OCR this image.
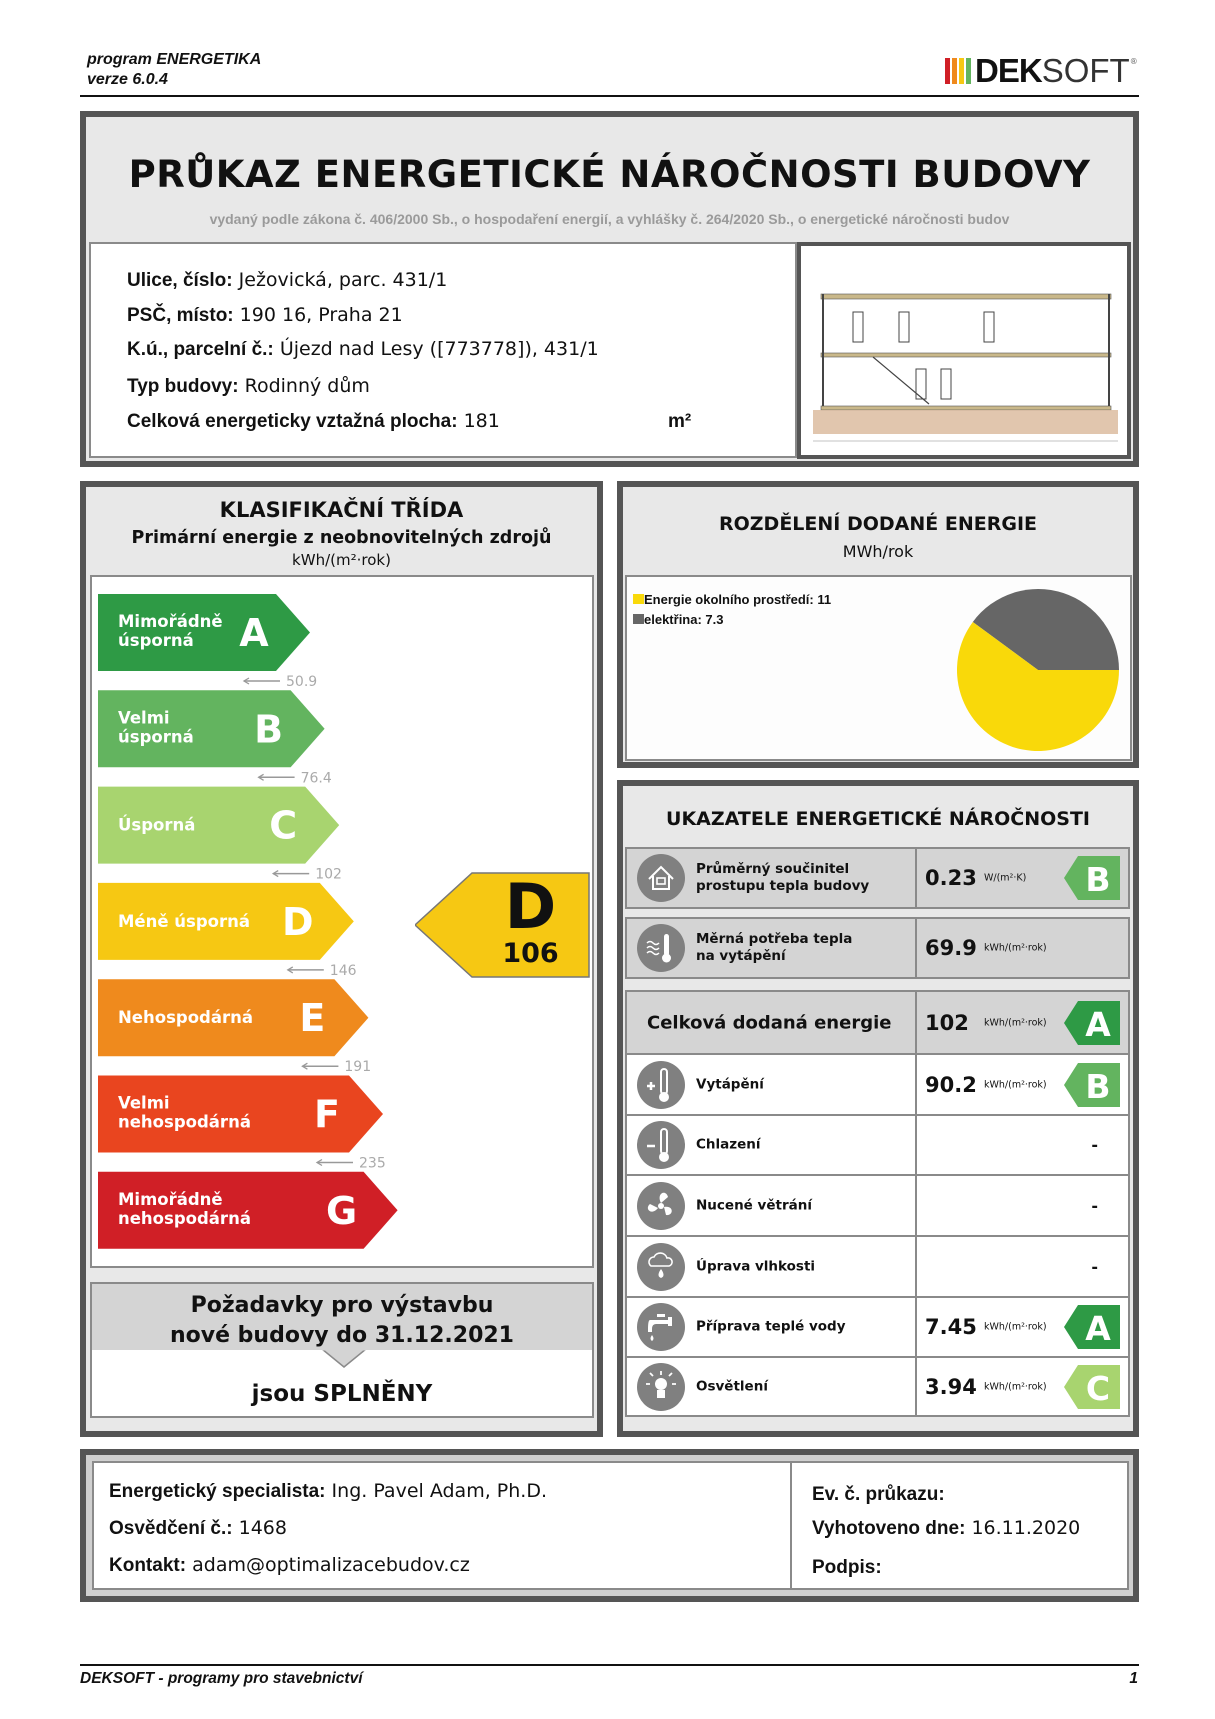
program ENERGETIKA
verze 6.0.4	DEK SOFT ®
PRŮKAZ ENERGETICKÉ NÁROČNOSTI BUDOVY
vydaný podle zákona č. 406/2000 Sb., o hospodaření energií, a vyhlášky č. 264/2020 Sb., o energetické náročnosti budov
Ulice, číslo: Ježovická, parc. 431/1
PSČ, místo: 190 16, Praha 21
K.ú., parcelní č.: Újezd nad Lesy ([773778]), 431/1
Typ budovy: Rodinný dům
Celková energeticky vztažná plocha: 181	m²
KLASIFIKAČNÍ TŘÍDA
Primární energie z neobnovitelných zdrojů
kWh/(m²·rok)
Mimořádně
úsporná A
50.9
Velmi
úsporná B
76.4
Úsporná C
102
Méně úsporná D
146
Nehospodárná E
191
Velmi
nehospodárná F
235
Mimořádně
nehospodárná G
D
106
Požadavky pro výstavbu
nové budovy do 31.12.2021
jsou SPLNĚNY
ROZDĚLENÍ DODANÉ ENERGIE
MWh/rok
Energie okolního prostředí: 11
elektřina: 7.3
UKAZATELE ENERGETICKÉ NÁROČNOSTI
Průměrný součinitel
prostupu tepla budovy	0.23 W/(m²·K) B
Měrná potřeba tepla
na vytápění	69.9 kWh/(m²·rok)
Celková dodaná energie 102 kWh/(m²·rok) A
Vytápění	90.2 kWh/(m²·rok) B
Chlazení	-
Nucené větrání	-
Úprava vlhkosti	-
Příprava teplé vody	7.45 kWh/(m²·rok) A
Osvětlení	3.94 kWh/(m²·rok) C
Energetický specialista: Ing. Pavel Adam, Ph.D.
Osvědčení č.: 1468
Kontakt: adam@optimalizacebudov.cz
Ev. č. průkazu:
Vyhotoveno dne: 16.11.2020
Podpis:
DEKSOFT - programy pro stavebnictví	1
